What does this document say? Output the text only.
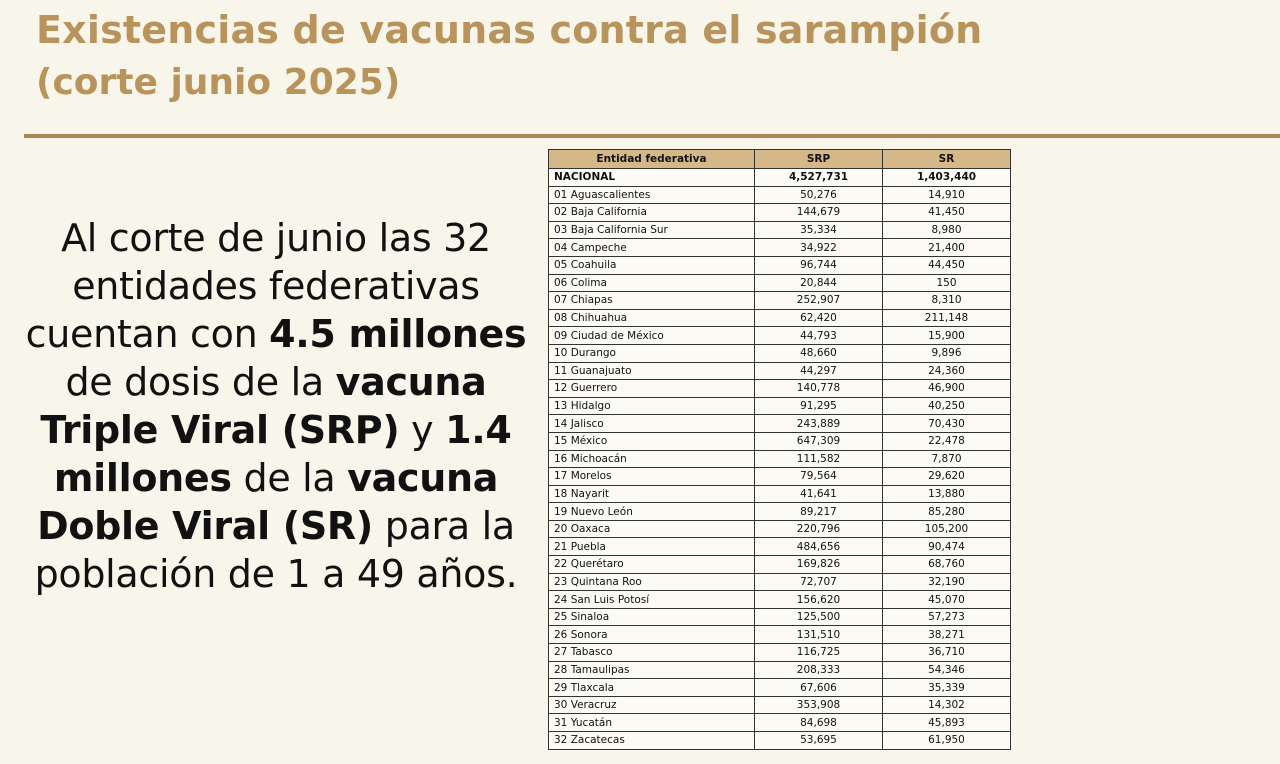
Existencias de vacunas contra el sarampión
(corte junio 2025)
Al corte de junio las 32 entidades federativas cuentan con 4.5 millones de dosis de la vacuna Triple Viral (SRP) y 1.4 millones de la vacuna Doble Viral (SR) para la población de 1 a 49 años.
Entidad federativa	SRP	SR
NACIONAL	4,527,731	1,403,440
01 Aguascalientes	50,276	14,910
02 Baja California	144,679	41,450
03 Baja California Sur	35,334	8,980
04 Campeche	34,922	21,400
05 Coahuila	96,744	44,450
06 Colima	20,844	150
07 Chiapas	252,907	8,310
08 Chihuahua	62,420	211,148
09 Ciudad de México	44,793	15,900
10 Durango	48,660	9,896
11 Guanajuato	44,297	24,360
12 Guerrero	140,778	46,900
13 Hidalgo	91,295	40,250
14 Jalisco	243,889	70,430
15 México	647,309	22,478
16 Michoacán	111,582	7,870
17 Morelos	79,564	29,620
18 Nayarit	41,641	13,880
19 Nuevo León	89,217	85,280
20 Oaxaca	220,796	105,200
21 Puebla	484,656	90,474
22 Querétaro	169,826	68,760
23 Quintana Roo	72,707	32,190
24 San Luis Potosí	156,620	45,070
25 Sinaloa	125,500	57,273
26 Sonora	131,510	38,271
27 Tabasco	116,725	36,710
28 Tamaulipas	208,333	54,346
29 Tlaxcala	67,606	35,339
30 Veracruz	353,908	14,302
31 Yucatán	84,698	45,893
32 Zacatecas	53,695	61,950
